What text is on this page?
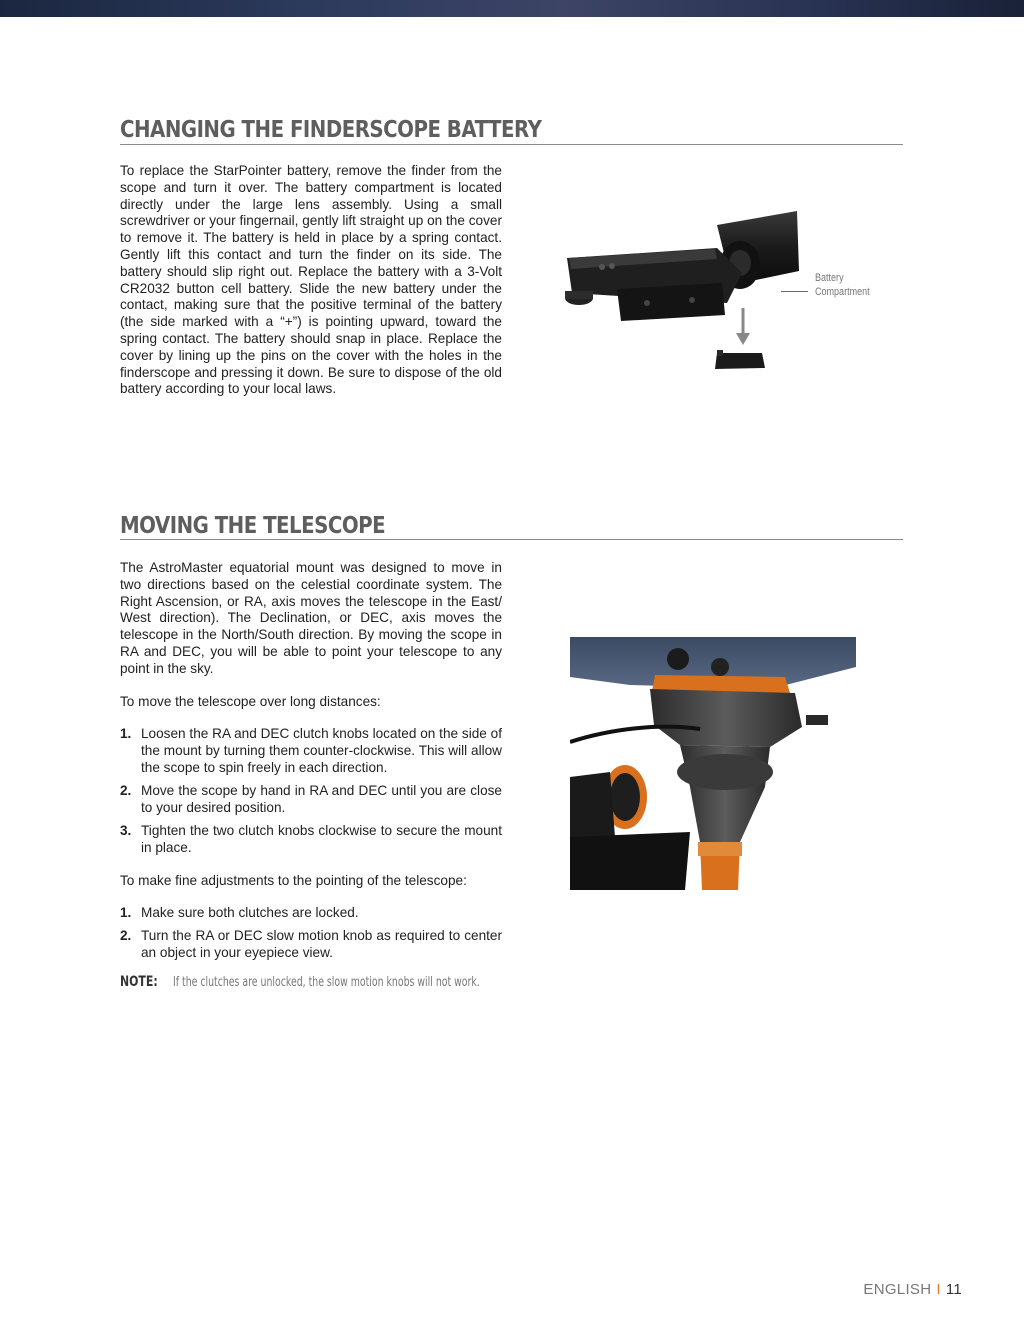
CHANGING THE FINDERSCOPE BATTERY

To replace the StarPointer battery, remove the finder from the scope and turn it over. The battery compartment is located directly under the large lens assembly. Using a small screwdriver or your fingernail, gently lift straight up on the cover to remove it. The battery is held in place by a spring contact. Gently lift this contact and turn the finder on its side. The battery should slip right out. Replace the battery with a 3-Volt CR2032 button cell battery. Slide the new battery under the contact, making sure that the positive terminal of the battery (the side marked with a “+”) is pointing upward, toward the spring contact. The battery should snap in place. Replace the cover by lining up the pins on the cover with the holes in the finderscope and pressing it down. Be sure to dispose of the old battery according to your local laws.

Battery
Compartment
MOVING THE TELESCOPE

The AstroMaster equatorial mount was designed to move in two directions based on the celestial coordinate system. The Right Ascension, or RA, axis moves the telescope in the East/ West direction). The Declination, or DEC, axis moves the telescope in the North/South direction. By moving the scope in RA and DEC, you will be able to point your telescope to any point in the sky.

To move the telescope over long distances:

1. Loosen the RA and DEC clutch knobs located on the side of the mount by turning them counter-clockwise. This will allow the scope to spin freely in each direction.
2. Move the scope by hand in RA and DEC until you are close to your desired position.
3. Tighten the two clutch knobs clockwise to secure the mount in place.

To make fine adjustments to the pointing of the telescope:

1. Make sure both clutches are locked.
2. Turn the RA or DEC slow motion knob as required to center an object in your eyepiece view.
NOTE: If the clutches are unlocked, the slow motion knobs will not work.
ENGLISH I 11
